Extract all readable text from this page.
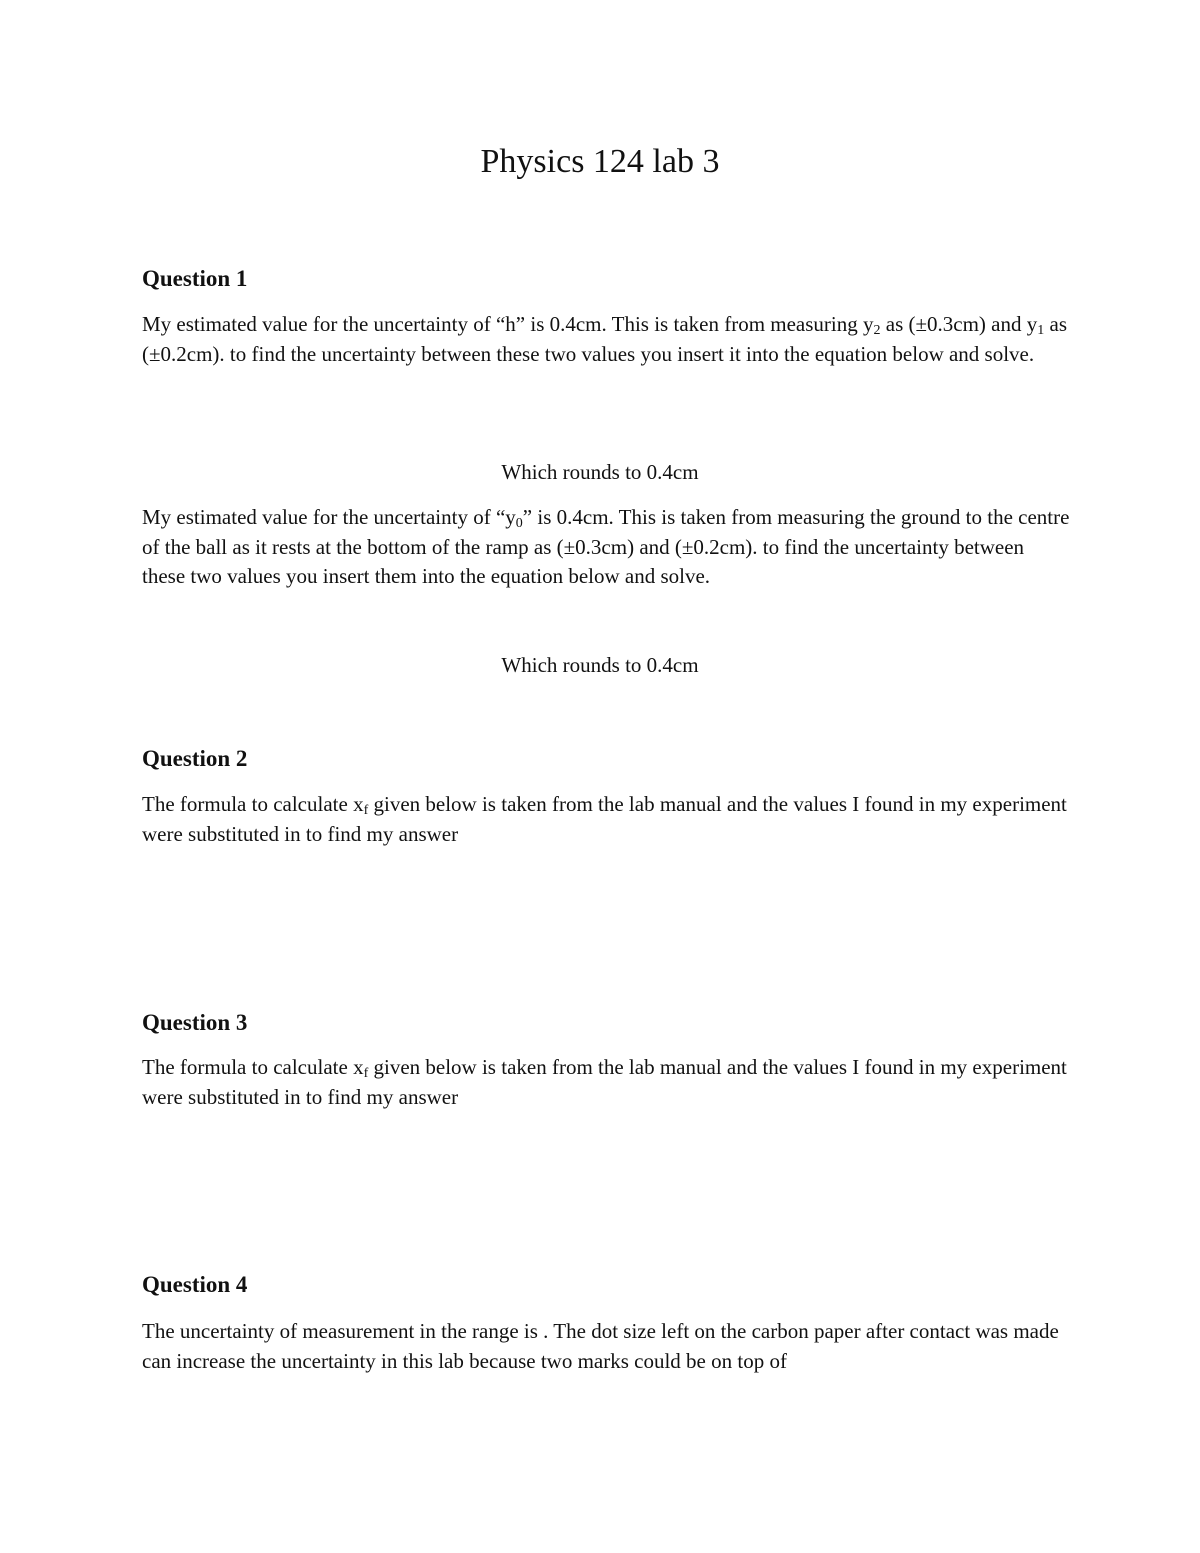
Physics 124 lab 3
Question 1

My estimated value for the uncertainty of “h” is 0.4cm. This is taken from measuring $y_2$ as (±0.3cm) and $y_1$ as (±0.2cm). to find the uncertainty between these two values you insert it into the equation below and solve.

Which rounds to 0.4cm

My estimated value for the uncertainty of “$y_0$” is 0.4cm. This is taken from measuring the ground to the centre of the ball as it rests at the bottom of the ramp as (±0.3cm) and (±0.2cm). to find the uncertainty between these two values you insert them into the equation below and solve.

Which rounds to 0.4cm

Question 2

The formula to calculate $x_f$ given below is taken from the lab manual and the values I found in my experiment were substituted in to find my answer

Question 3

The formula to calculate $x_f$ given below is taken from the lab manual and the values I found in my experiment were substituted in to find my answer

Question 4

The uncertainty of measurement in the range is . The dot size left on the carbon paper after contact was made can increase the uncertainty in this lab because two marks could be on top of
